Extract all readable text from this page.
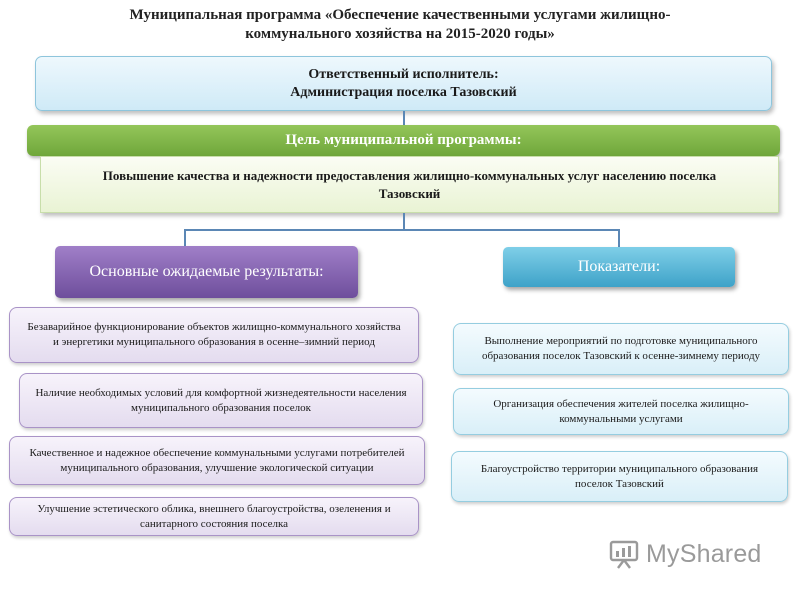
Муниципальная программа «Обеспечение качественными услугами жилищно-
коммунального хозяйства на 2015-2020 годы»
Ответственный исполнитель:
Администрация поселка Тазовский
Цель муниципальной программы:
Повышение качества и надежности предоставления жилищно-коммунальных услуг населению поселка Тазовский
Основные ожидаемые результаты:	Показатели:
Безаварийное функционирование объектов жилищно-коммунального хозяйства и энергетики муниципального образования в осенне–зимний период
Наличие необходимых условий для комфортной жизнедеятельности населения муниципального образования поселок
Качественное и надежное обеспечение коммунальными услугами потребителей муниципального образования, улучшение экологической ситуации
Улучшение эстетического облика, внешнего благоустройства, озеленения и санитарного состояния поселка
Выполнение мероприятий по подготовке муниципального образования поселок Тазовский к осенне-зимнему периоду
Организация обеспечения жителей поселка жилищно-коммунальными услугами
Благоустройство территории муниципального образования поселок Тазовский
MyShared
